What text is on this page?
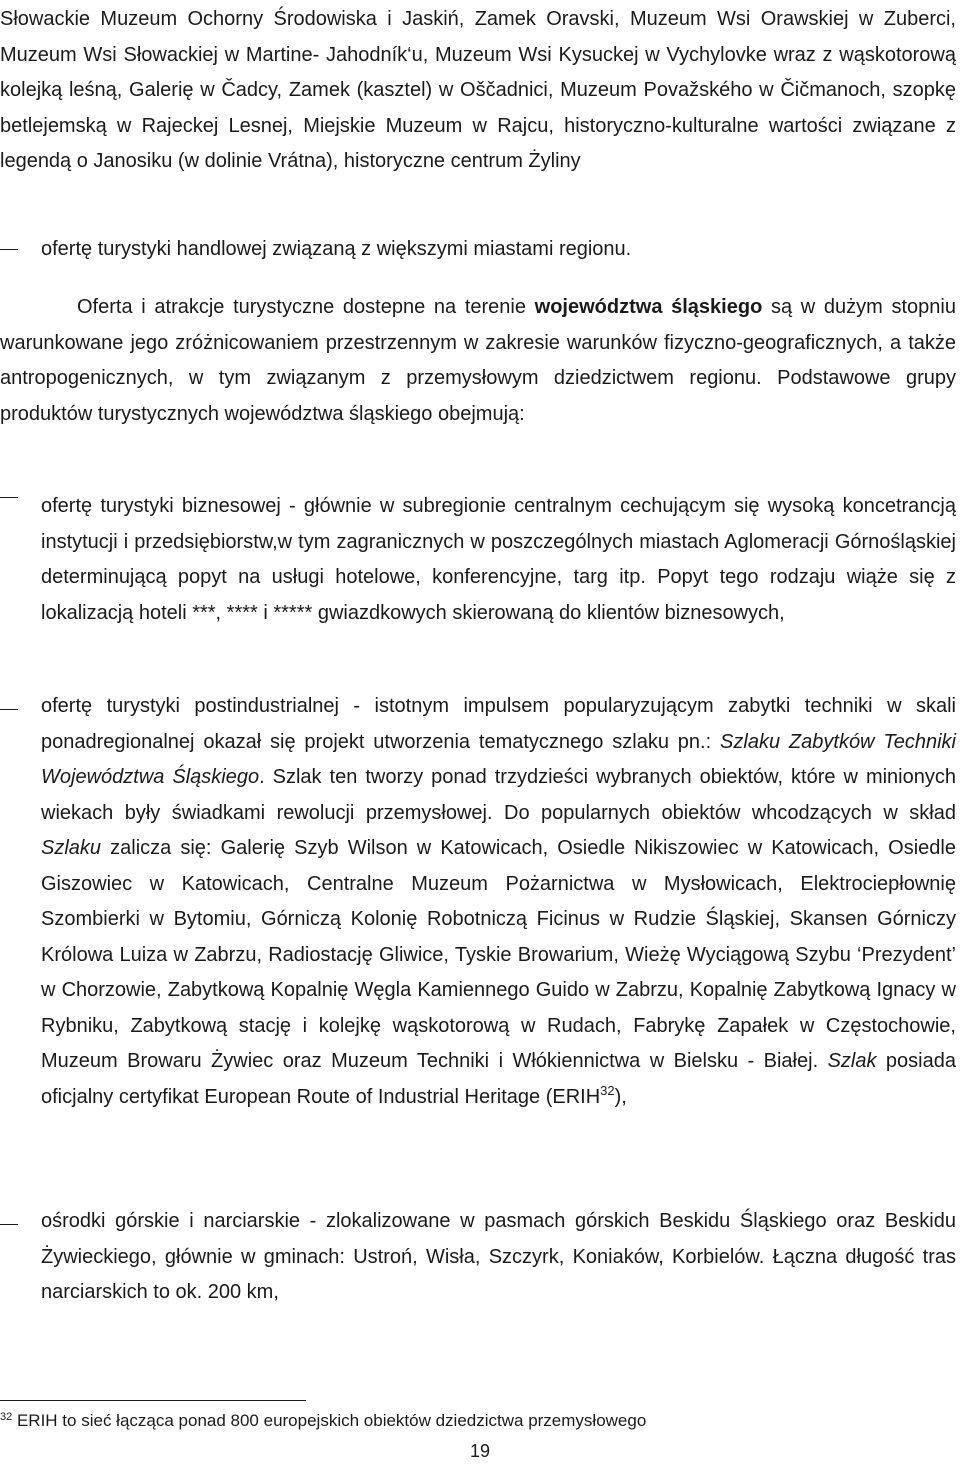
Słowackie Muzeum Ochorny Środowiska i Jaskiń, Zamek Oravski, Muzeum Wsi Orawskiej w Zuberci, Muzeum Wsi Słowackiej w Martine- Jahodník‘u, Muzeum Wsi Kysuckej w Vychylovke wraz z wąskotorową kolejką leśną, Galerię w Čadcy, Zamek (kasztel) w Oščadnici, Muzeum Považského w Čičmanoch, szopkę betlejemską w Rajeckej Lesnej, Miejskie Muzeum w Rajcu, historyczno-kulturalne wartości związane z legendą o Janosiku (w dolinie Vrátna), historyczne centrum Żyliny

ofertę turystyki handlowej związaną z większymi miastami regionu.

Oferta i atrakcje turystyczne dostepne na terenie województwa śląskiego są w dużym stopniu warunkowane jego zróżnicowaniem przestrzennym w zakresie warunków fizyczno-geograficznych, a także antropogenicznych, w tym związanym z przemysłowym dziedzictwem regionu. Podstawowe grupy produktów turystycznych województwa śląskiego obejmują:

ofertę turystyki biznesowej - głównie w subregionie centralnym cechującym się wysoką koncetrancją instytucji i przedsiębiorstw,w tym zagranicznych w poszczególnych miastach Aglomeracji Górnośląskiej determinującą popyt na usługi hotelowe, konferencyjne, targ itp. Popyt tego rodzaju wiąże się z lokalizacją hoteli ***, **** i ***** gwiazdkowych skierowaną do klientów biznesowych,

ofertę turystyki postindustrialnej - istotnym impulsem popularyzującym zabytki techniki w skali ponadregionalnej okazał się projekt utworzenia tematycznego szlaku pn.: Szlaku Zabytków Techniki Województwa Śląskiego. Szlak ten tworzy ponad trzydzieści wybranych obiektów, które w minionych wiekach były świadkami rewolucji przemysłowej. Do popularnych obiektów whcodzących w skład Szlaku zalicza się: Galerię Szyb Wilson w Katowicach, Osiedle Nikiszowiec w Katowicach, Osiedle Giszowiec w Katowicach, Centralne Muzeum Pożarnictwa w Mysłowicach, Elektrociepłownię Szombierki w Bytomiu, Górniczą Kolonię Robotniczą Ficinus w Rudzie Śląskiej, Skansen Górniczy Królowa Luiza w Zabrzu, Radiostację Gliwice, Tyskie Browarium, Wieżę Wyciągową Szybu ‘Prezydent’ w Chorzowie, Zabytkową Kopalnię Węgla Kamiennego Guido w Zabrzu, Kopalnię Zabytkową Ignacy w Rybniku, Zabytkową stację i kolejkę wąskotorową w Rudach, Fabrykę Zapałek w Częstochowie, Muzeum Browaru Żywiec oraz Muzeum Techniki i Włókiennictwa w Bielsku - Białej. Szlak posiada oficjalny certyfikat European Route of Industrial Heritage (ERIH$^{32}$),

ośrodki górskie i narciarskie - zlokalizowane w pasmach górskich Beskidu Śląskiego oraz Beskidu Żywieckiego, głównie w gminach: Ustroń, Wisła, Szczyrk, Koniaków, Korbielów. Łączna długość tras narciarskich to ok. 200 km,

$^{32}$ ERIH to sieć łącząca ponad 800 europejskich obiektów dziedzictwa przemysłowego

19
